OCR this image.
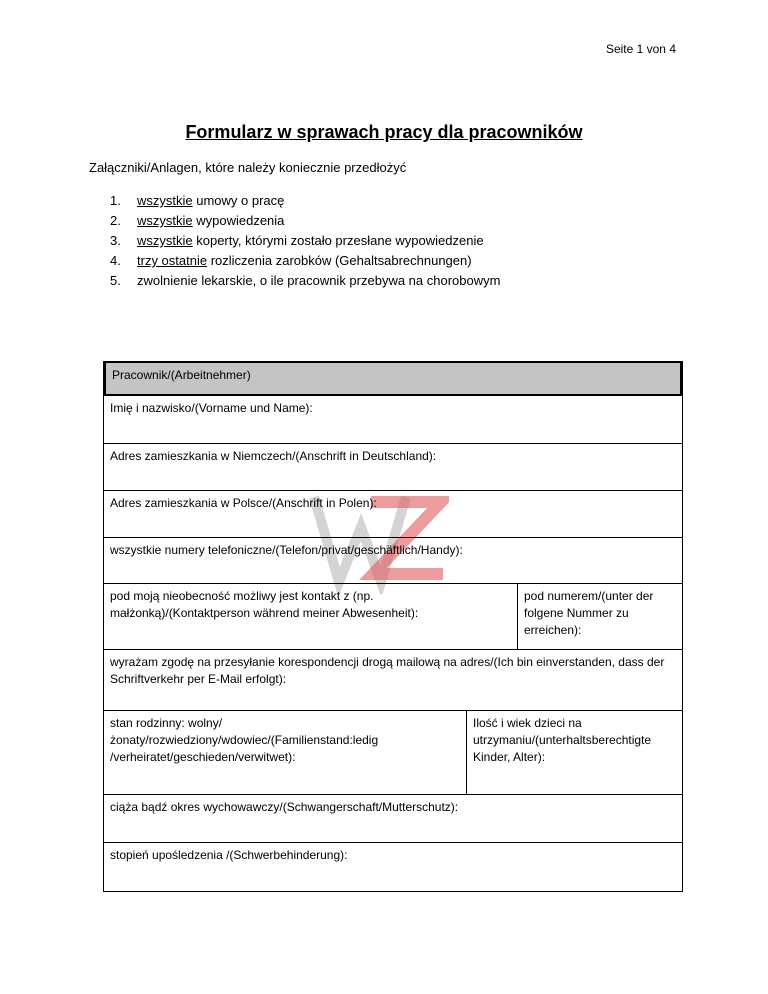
Seite 1 von 4
Formularz w sprawach pracy dla pracowników
Załączniki/Anlagen, które należy koniecznie przedłożyć
1. wszystkie umowy o pracę
2. wszystkie wypowiedzenia
3. wszystkie koperty, którymi zostało przesłane wypowiedzenie
4. trzy ostatnie rozliczenia zarobków (Gehaltsabrechnungen)
5. zwolnienie lekarskie, o ile pracownik przebywa na chorobowym
Pracownik/(Arbeitnehmer)
Imię i nazwisko/(Vorname und Name):
Adres zamieszkania w Niemczech/(Anschrift in Deutschland):
Adres zamieszkania w Polsce/(Anschrift in Polen):
wszystkie numery telefoniczne/(Telefon/privat/geschäftlich/Handy):
pod moją nieobecność możliwy jest kontakt z (np. małżonką)/(Kontaktperson während meiner Abwesenheit):
pod numerem/(unter der folgene Nummer zu erreichen):
wyrażam zgodę na przesyłanie korespondencji drogą mailową na adres/(Ich bin einverstanden, dass der Schriftverkehr per E-Mail erfolgt):
stan rodzinny: wolny/żonaty/rozwiedziony/wdowiec/(Familienstand:ledig /verheiratet/geschieden/verwitwet):
Ilość i wiek dzieci na utrzymaniu/(unterhaltsberechtigte Kinder, Alter):
ciąża bądź okres wychowawczy/(Schwangerschaft/Mutterschutz):
stopień upośledzenia /(Schwerbehinderung):
